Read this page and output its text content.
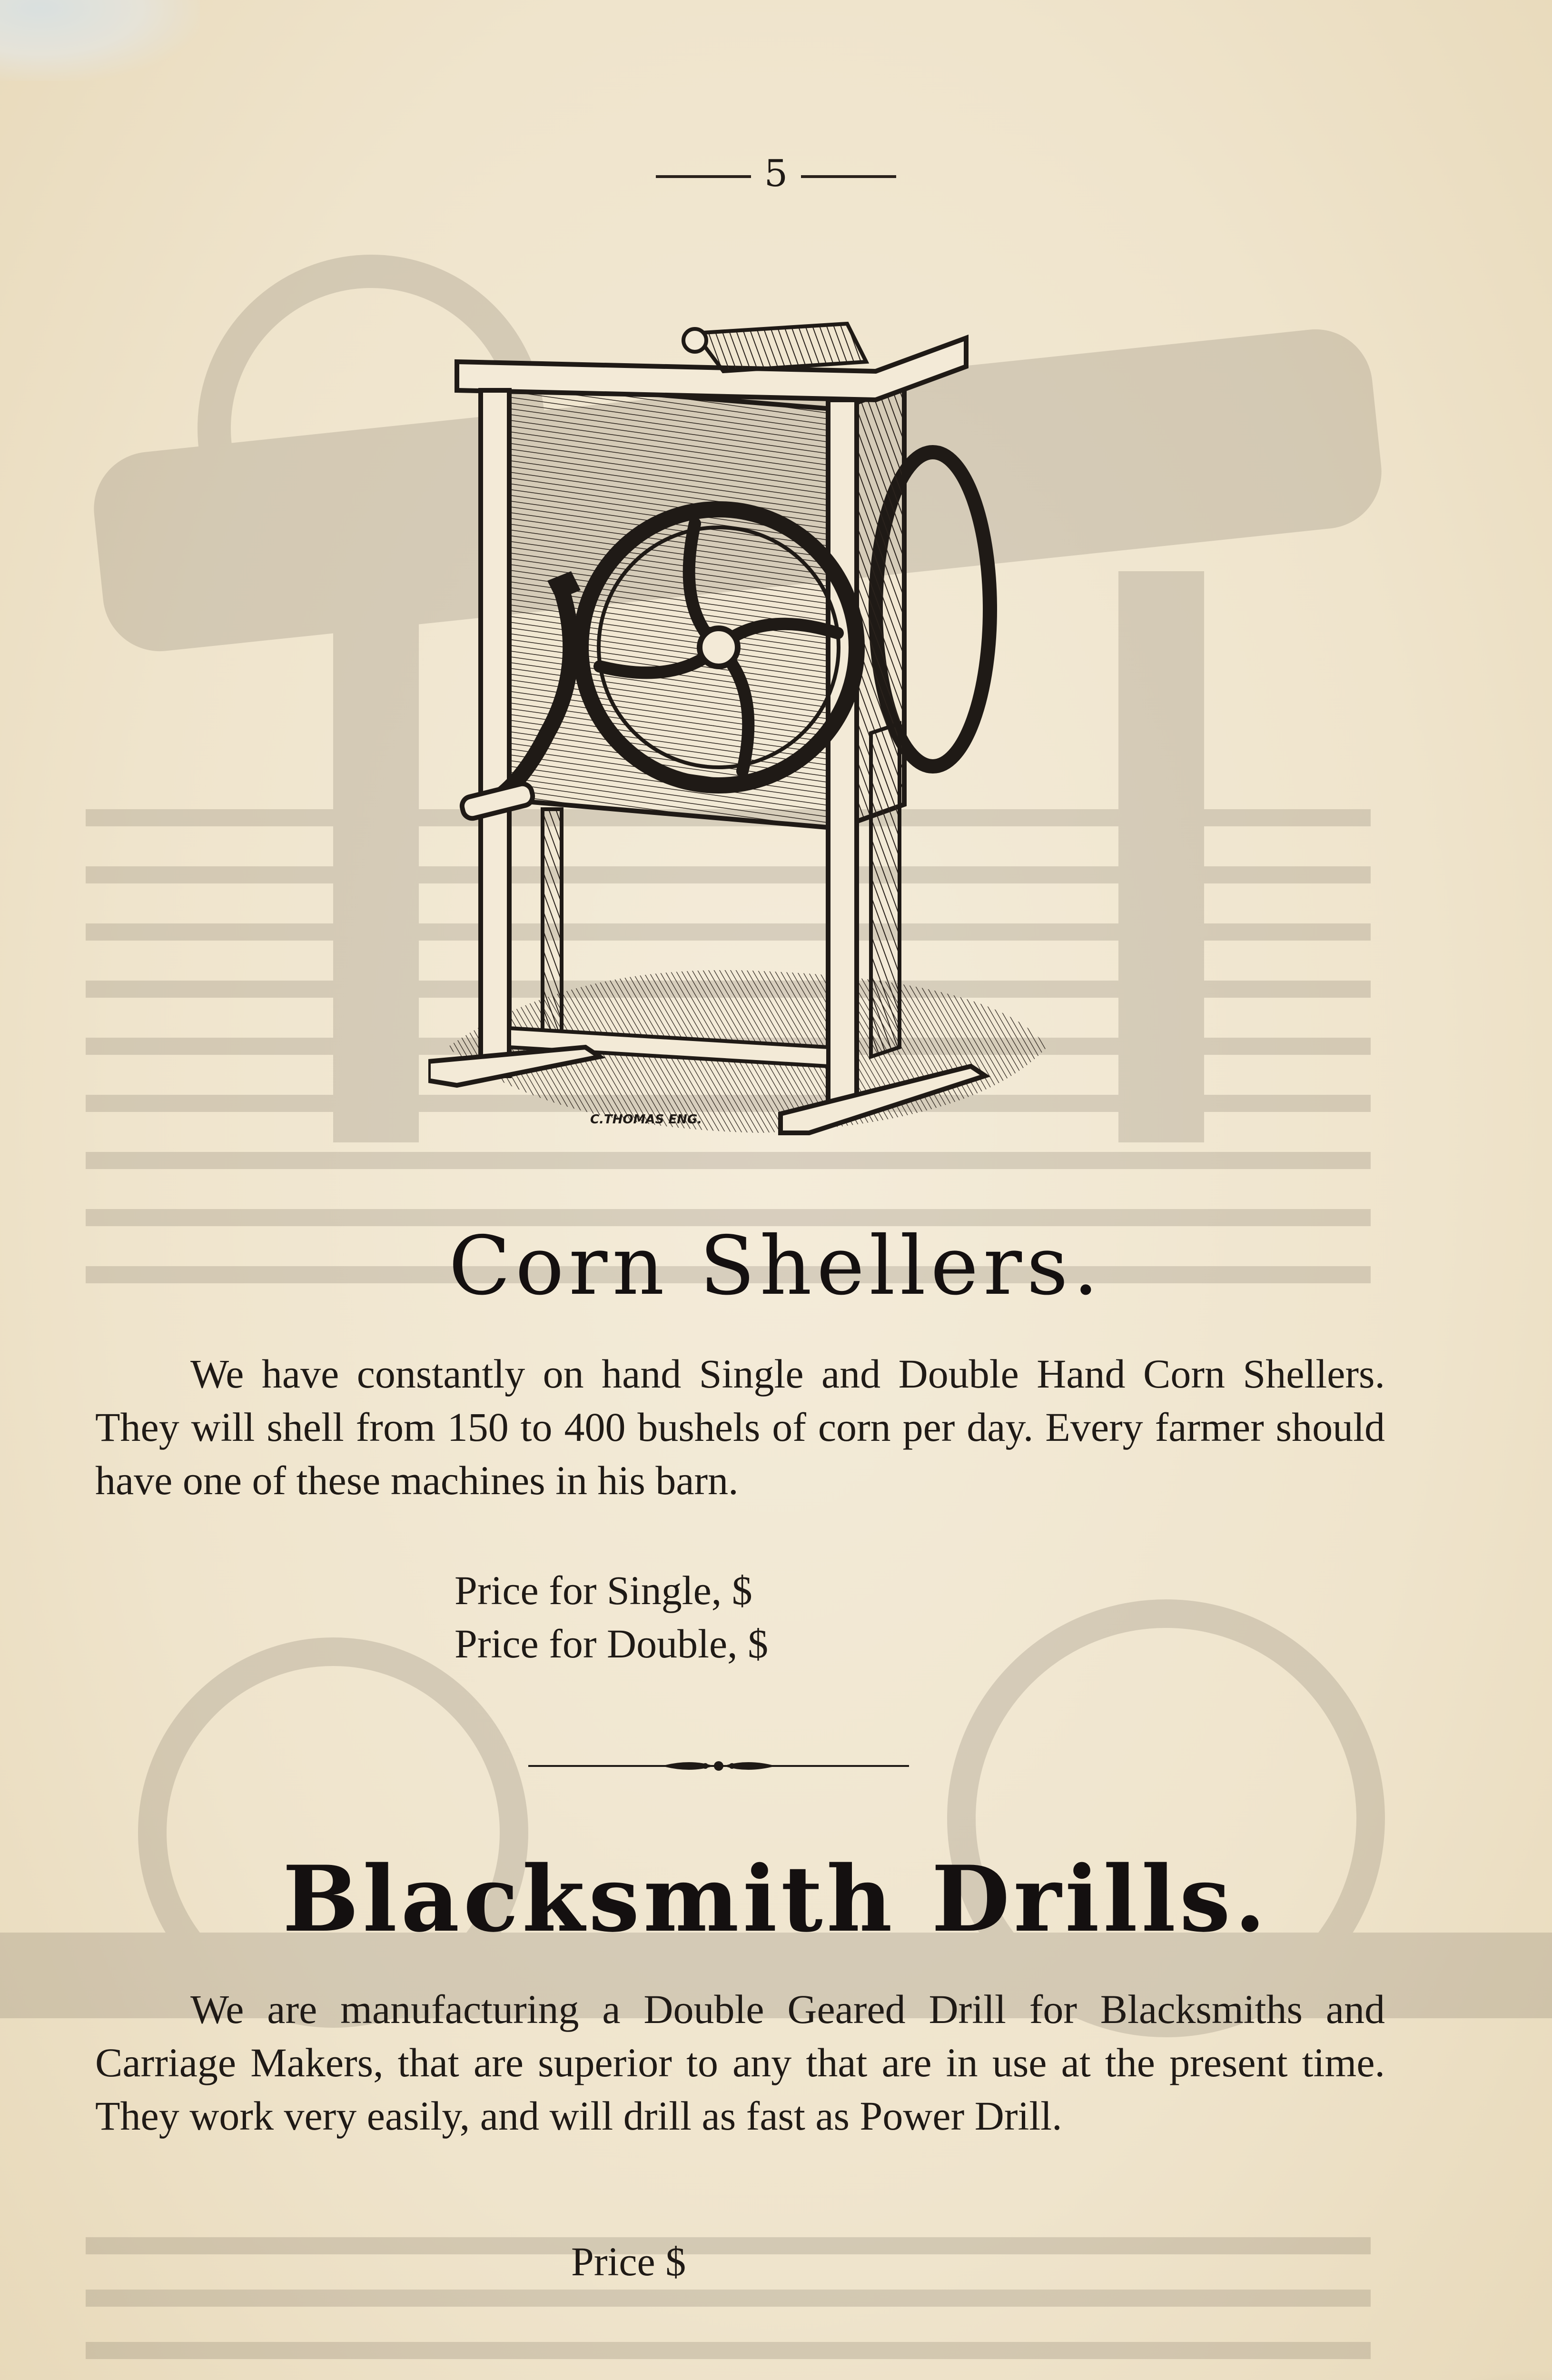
5
C.THOMAS ENG.
Corn Shellers.

We have constantly on hand Single and Double Hand Corn Shellers. They will shell from 150 to 400 bushels of corn per day. Every farmer should have one of these machines in his barn.

Price for Single, $
Price for Double, $
Blacksmith Drills.

We are manufacturing a Double Geared Drill for Blacksmiths and Carriage Makers, that are superior to any that are in use at the present time. They work very easily, and will drill as fast as Power Drill.

Price $
